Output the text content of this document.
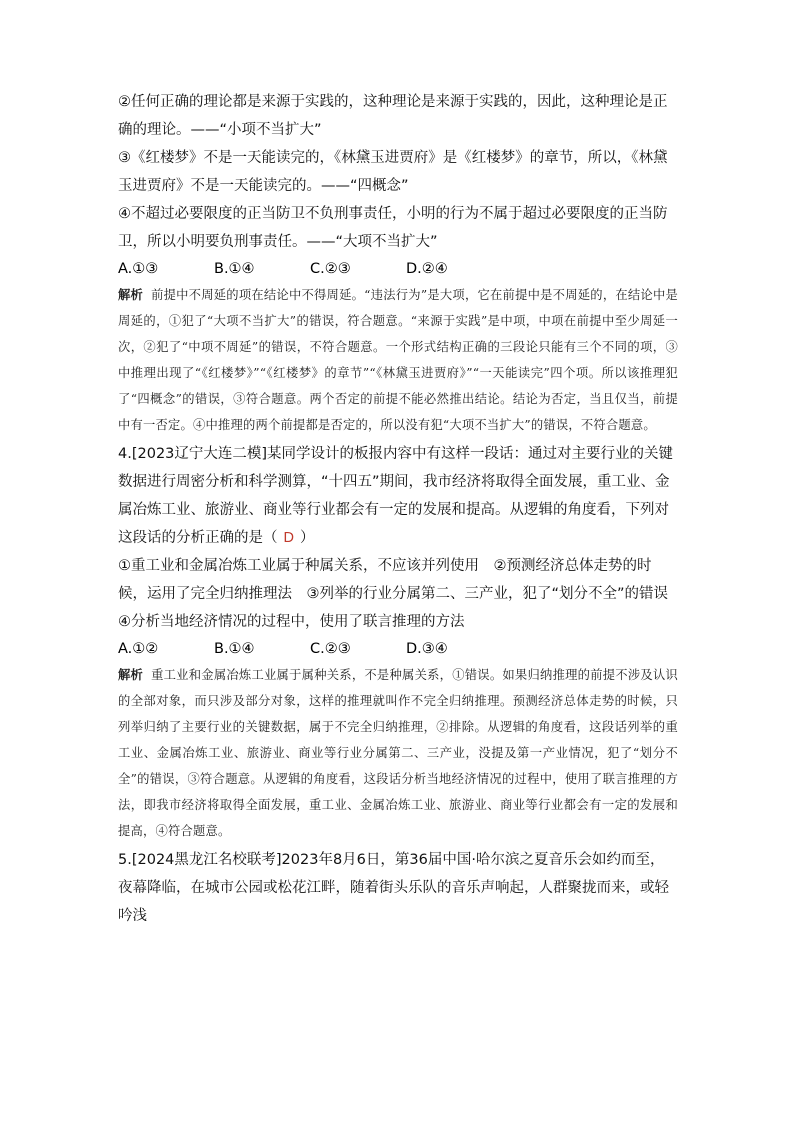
②任何正确的理论都是来源于实践的，这种理论是来源于实践的，因此，这种理论是正确的理论。——“小项不当扩大”

③《红楼梦》不是一天能读完的，《林黛玉进贾府》是《红楼梦》的章节，所以，《林黛玉进贾府》不是一天能读完的。——“四概念”

④不超过必要限度的正当防卫不负刑事责任，小明的行为不属于超过必要限度的正当防卫，所以小明要负刑事责任。——“大项不当扩大”

A.①③	B.①④	C.②③	D.②④

解析 前提中不周延的项在结论中不得周延。“违法行为”是大项，它在前提中是不周延的，在结论中是周延的，①犯了“大项不当扩大”的错误，符合题意。“来源于实践”是中项，中项在前提中至少周延一次，②犯了“中项不周延”的错误，不符合题意。一个形式结构正确的三段论只能有三个不同的项，③中推理出现了“《红楼梦》”“《红楼梦》的章节”“《林黛玉进贾府》”“一天能读完”四个项。所以该推理犯了“四概念”的错误，③符合题意。两个否定的前提不能必然推出结论。结论为否定，当且仅当，前提中有一否定。④中推理的两个前提都是否定的，所以没有犯“大项不当扩大”的错误，不符合题意。

4.[2023辽宁大连二模]某同学设计的板报内容中有这样一段话：通过对主要行业的关键数据进行周密分析和科学测算，“十四五”期间，我市经济将取得全面发展，重工业、金属冶炼工业、旅游业、商业等行业都会有一定的发展和提高。从逻辑的角度看，下列对这段话的分析正确的是（ D ）

①重工业和金属冶炼工业属于种属关系，不应该并列使用　②预测经济总体走势的时候，运用了完全归纳推理法　③列举的行业分属第二、三产业，犯了“划分不全”的错误　④分析当地经济情况的过程中，使用了联言推理的方法

A.①②	B.①④	C.②③	D.③④

解析 重工业和金属冶炼工业属于属种关系，不是种属关系，①错误。如果归纳推理的前提不涉及认识的全部对象，而只涉及部分对象，这样的推理就叫作不完全归纳推理。预测经济总体走势的时候，只列举归纳了主要行业的关键数据，属于不完全归纳推理，②排除。从逻辑的角度看，这段话列举的重工业、金属冶炼工业、旅游业、商业等行业分属第二、三产业，没提及第一产业情况，犯了“划分不全”的错误，③符合题意。从逻辑的角度看，这段话分析当地经济情况的过程中，使用了联言推理的方法，即我市经济将取得全面发展，重工业、金属冶炼工业、旅游业、商业等行业都会有一定的发展和提高，④符合题意。

5.[2024黑龙江名校联考]2023年8月6日，第36届中国·哈尔滨之夏音乐会如约而至，夜幕降临，在城市公园或松花江畔，随着街头乐队的音乐声响起，人群聚拢而来，或轻吟浅
